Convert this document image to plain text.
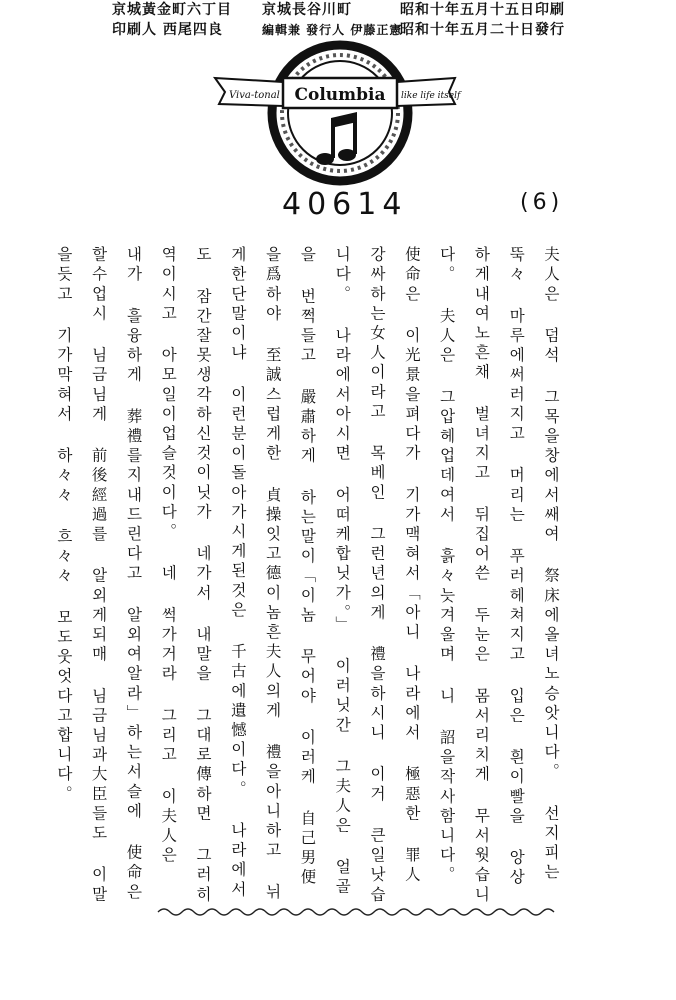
Columbia
Viva-tonal	like life itself
40614	(6)
夫人은 덤석 그목을창에서쌔여 祭床에올녀노승앗니다。 선지피는 뚝々 마루에써러지고 머리는 푸러헤쳐지고 입은 흰이빨을 앙상하게내여노흔채 벌녀지고 뒤집어쓴 두눈은 몸서리치게 무서웟습니다。 夫人은 그압헤업데여서 흙々늣겨울며 니 詔을작사함니다。 使命은 이光景을펴다가 기가맥혀서「아니 나라에서 極惡한 罪人 강싸하는女人이라고 목베인 그런년의게 禮을하시니 이거 큰일낫습니다。 나라에서아시면 어떠케합닛가。」 이러닛간 그夫人은 얼골을 번쩍들고 嚴肅하게 하는말이「이놈 무어야 이러케 自己男便을爲하야 至誠스럽게한 貞操잇고德이놈흔夫人의게 禮을아니하고 뉘게한단말이냐 이런분이돌아가시게된것은 千古에遺憾이다。 나라에서도 잠간잘못생각하신것이닛가 네가서 내말을 그대로傳하면 그러히역이시고 아모일이업슬것이다。 네 썩가거라 그리고 이夫人은 내가 흘융하게 葬禮를지내드린다고 알외여알라」하는서슬에 使命은할수업시 님금님게 前後經過를 알외게되매 님금님과大臣들도 이말을듯고 기가막혀서 하々々 흐々々 모도웃엇다고합니다。
昭和十年五月十五日印刷
昭和十年五月二十日發行
京城長谷川町
編輯兼 發行人 伊藤正憲
京城黃金町六丁目
印刷人 西尾四良
